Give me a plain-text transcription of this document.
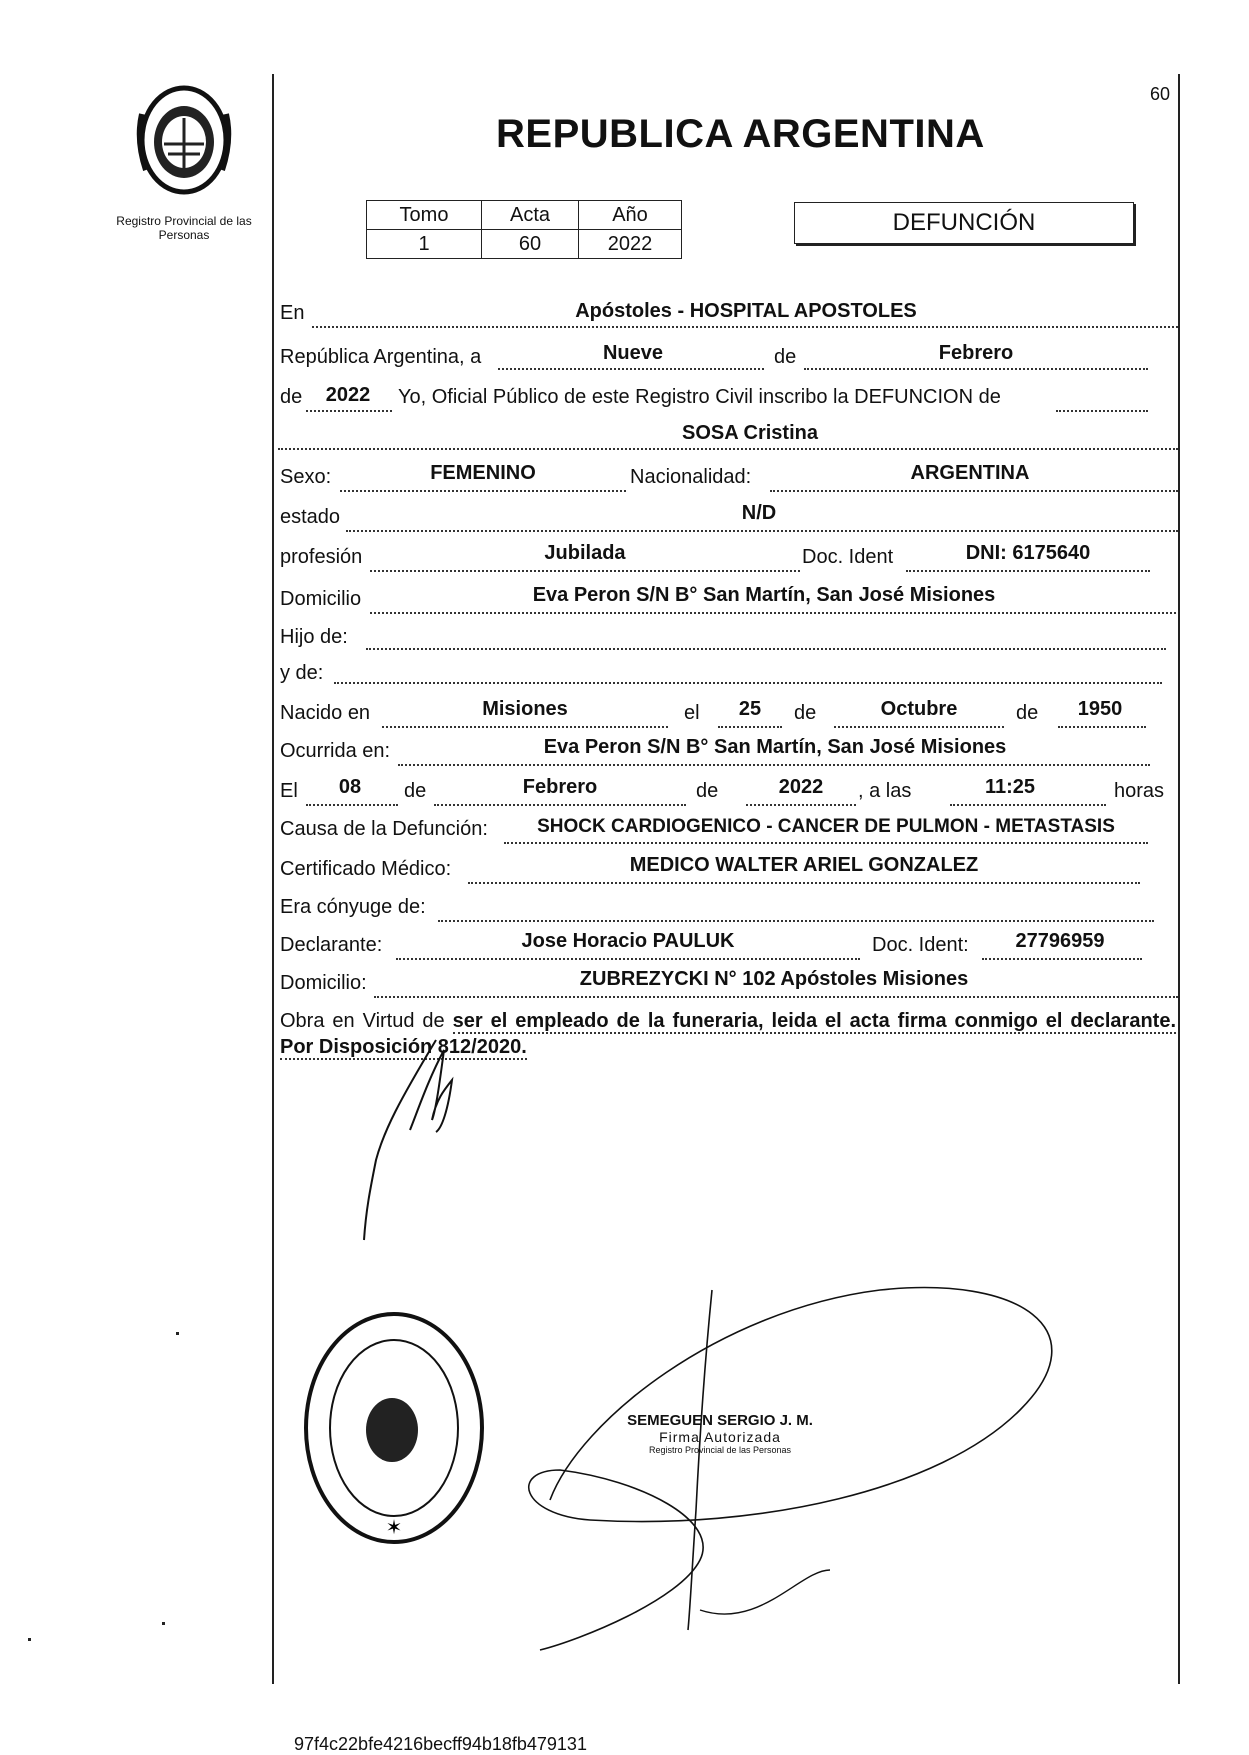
Registro Provincial de las Personas
60
REPUBLICA ARGENTINA
Tomo	Acta	Año
1	60	2022
DEFUNCIÓN
En	Apóstoles - HOSPITAL APOSTOLES
República Argentina, a	Nueve	de	Febrero
de	2022	Yo, Oficial Público de este Registro Civil inscribo la DEFUNCION de
SOSA Cristina
Sexo:	FEMENINO	Nacionalidad:	ARGENTINA
estado	N/D
profesión	Jubilada	Doc. Ident	DNI: 6175640
Domicilio	Eva Peron S/N B° San Martín, San José Misiones
Hijo de:
y de:
Nacido en	Misiones	el	25	de	Octubre	de	1950
Ocurrida en:	Eva Peron S/N B° San Martín, San José Misiones
El	08	de	Febrero	de	2022	, a las	11:25	horas
Causa de la Defunción:	SHOCK CARDIOGENICO - CANCER DE PULMON - METASTASIS
Certificado Médico:	MEDICO WALTER ARIEL GONZALEZ
Era cónyuge de:
Declarante:	Jose Horacio PAULUK	Doc. Ident:	27796959
Domicilio:	ZUBREZYCKI N° 102 Apóstoles Misiones
Obra en Virtud de ser el empleado de la funeraria, leida el acta firma conmigo el declarante. Por Disposición 812/2020.
✶
SEMEGUEN SERGIO J. M.
Firma Autorizada
Registro Provincial de las Personas
97f4c22bfe4216becff94b18fb479131
